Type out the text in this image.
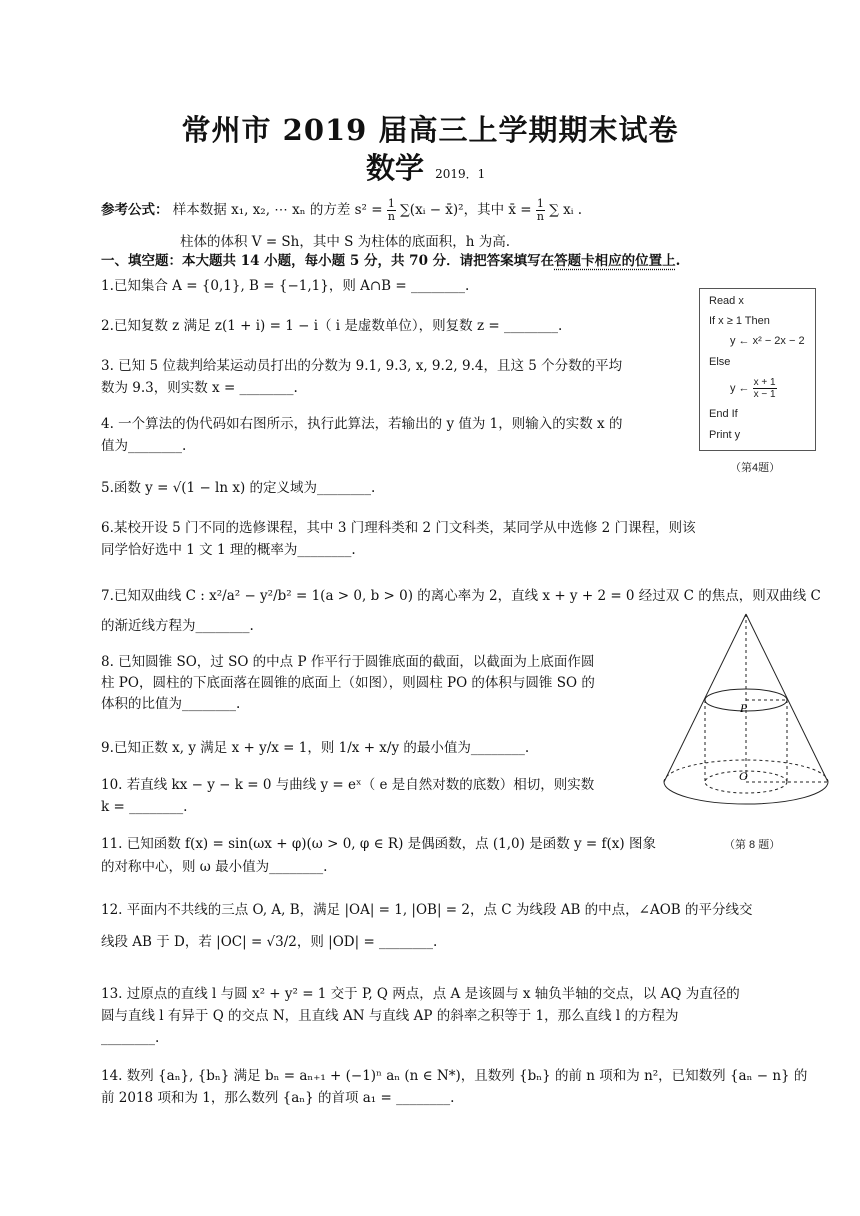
常州市 2019 届高三上学期期末试卷
数学 2019．1
参考公式： 样本数据 x₁, x₂, ⋯ xₙ 的方差 $s^2 = \frac{1}{n}$ ∑(xᵢ − x̄)²，其中 x̄ = $\frac{1}{n}$ ∑ xᵢ .
柱体的体积 V = Sh，其中 S 为柱体的底面积，h 为高.
一、填空题：本大题共 14 小题，每小题 5 分，共 70 分．请把答案填写在答题卡相应的位置上.
1.已知集合 A = {0,1}, B = {−1,1}，则 A∩B = ________.
2.已知复数 z 满足 z(1 + i) = 1 − i（ i 是虚数单位），则复数 z = ________.
3. 已知 5 位裁判给某运动员打出的分数为 9.1, 9.3, x, 9.2, 9.4，且这 5 个分数的平均
数为 9.3，则实数 x = ________.
4. 一个算法的伪代码如右图所示，执行此算法，若输出的 y 值为 1，则输入的实数 x 的
值为________.
5.函数 y = √(1 − ln x) 的定义域为________.
6.某校开设 5 门不同的选修课程，其中 3 门理科类和 2 门文科类，某同学从中选修 2 门课程，则该
同学恰好选中 1 文 1 理的概率为________.
7.已知双曲线 C : x²/a² − y²/b² = 1(a > 0, b > 0) 的离心率为 2，直线 x + y + 2 = 0 经过双 C 的焦点，则双曲线 C
的渐近线方程为________.
8. 已知圆锥 SO，过 SO 的中点 P 作平行于圆锥底面的截面，以截面为上底面作圆
柱 PO，圆柱的下底面落在圆锥的底面上（如图），则圆柱 PO 的体积与圆锥 SO 的
体积的比值为________.
9.已知正数 x, y 满足 x + y/x = 1，则 1/x + x/y 的最小值为________.
10. 若直线 kx − y − k = 0 与曲线 y = eˣ（ e 是自然对数的底数）相切，则实数
k = ________.
11. 已知函数 f(x) = sin(ωx + φ)(ω > 0, φ ∈ R) 是偶函数，点 (1,0) 是函数 y = f(x) 图象
的对称中心，则 ω 最小值为________.
12. 平面内不共线的三点 O, A, B，满足 |OA| = 1, |OB| = 2，点 C 为线段 AB 的中点，∠AOB 的平分线交
线段 AB 于 D，若 |OC| = √3/2，则 |OD| = ________.
13. 过原点的直线 l 与圆 x² + y² = 1 交于 P, Q 两点，点 A 是该圆与 x 轴负半轴的交点，以 AQ 为直径的
圆与直线 l 有异于 Q 的交点 N，且直线 AN 与直线 AP 的斜率之积等于 1，那么直线 l 的方程为
________.
14. 数列 {aₙ}, {bₙ} 满足 bₙ = aₙ₊₁ + (−1)ⁿ aₙ (n ∈ N*)，且数列 {bₙ} 的前 n 项和为 n²，已知数列 {aₙ − n} 的
前 2018 项和为 1，那么数列 {aₙ} 的首项 a₁ = ________.
Read x
If x ≥ 1 Then
y ← x² − 2x − 2
Else
y ← $\frac{x + 1}{x - 1}$
End If
Print y
（第4题）
P
O
（第 8 题）
